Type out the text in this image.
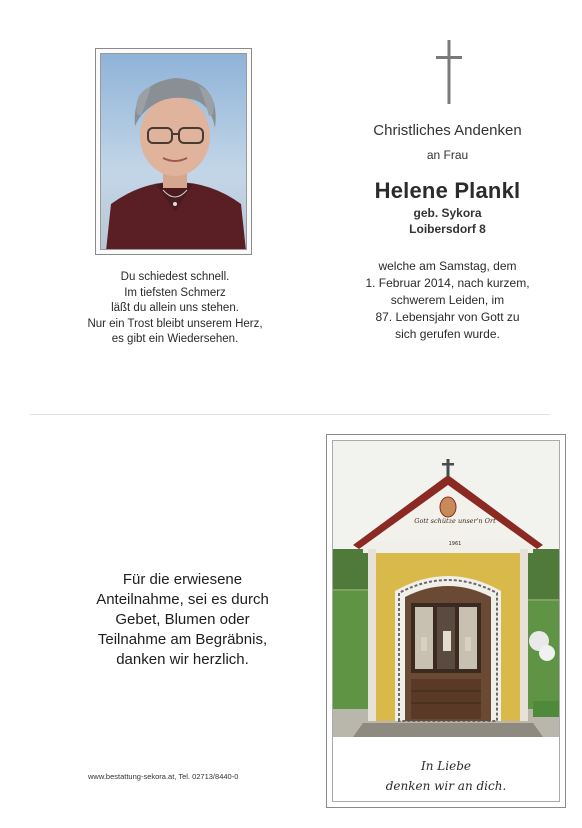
Du schiedest schnell.
Im tiefsten Schmerz
läßt du allein uns stehen.
Nur ein Trost bleibt unserem Herz,
es gibt ein Wiedersehen.
Christliches Andenken
an Frau
Helene Plankl
geb. Sykora
Loibersdorf 8
welche am Samstag, dem
1. Februar 2014, nach kurzem,
schwerem Leiden, im
87. Lebensjahr von Gott zu
sich gerufen wurde.
Für die erwiesene
Anteilnahme, sei es durch
Gebet, Blumen oder
Teilnahme am Begräbnis,
danken wir herzlich.
www.bestattung-sekora.at, Tel. 02713/8440-0
Gott schütze unser'n Ort
1961
In Liebe
denken wir an dich.
